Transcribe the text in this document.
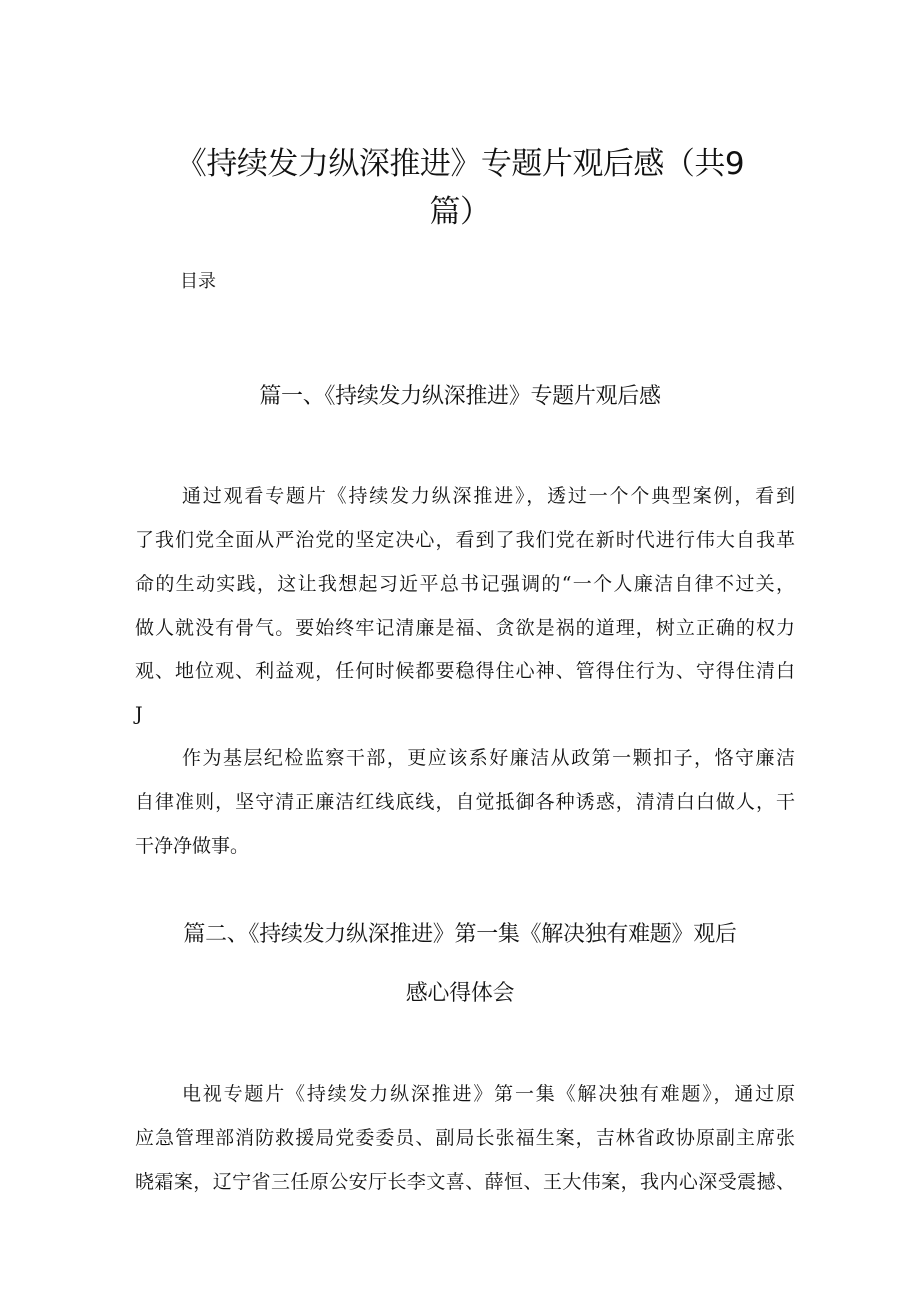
《持续发力纵深推进》专题片观后感（共9
篇）
目录
篇一、《持续发力纵深推进》专题片观后感
通过观看专题片《持续发力纵深推进》，透过一个个典型案例，看到
了我们党全面从严治党的坚定决心，看到了我们党在新时代进行伟大自我革
命的生动实践，这让我想起习近平总书记强调的“一个人廉洁自律不过关，
做人就没有骨气。要始终牢记清廉是福、贪欲是祸的道理，树立正确的权力
观、地位观、利益观，任何时候都要稳得住心神、管得住行为、守得住清白
J
作为基层纪检监察干部，更应该系好廉洁从政第一颗扣子，恪守廉洁
自律准则，坚守清正廉洁红线底线，自觉抵御各种诱惑，清清白白做人，干
干净净做事。
篇二、《持续发力纵深推进》第一集《解决独有难题》观后
感心得体会
电视专题片《持续发力纵深推进》第一集《解决独有难题》，通过原
应急管理部消防救援局党委委员、副局长张福生案，吉林省政协原副主席张
晓霜案，辽宁省三任原公安厅长李文喜、薛恒、王大伟案，我内心深受震撼、
